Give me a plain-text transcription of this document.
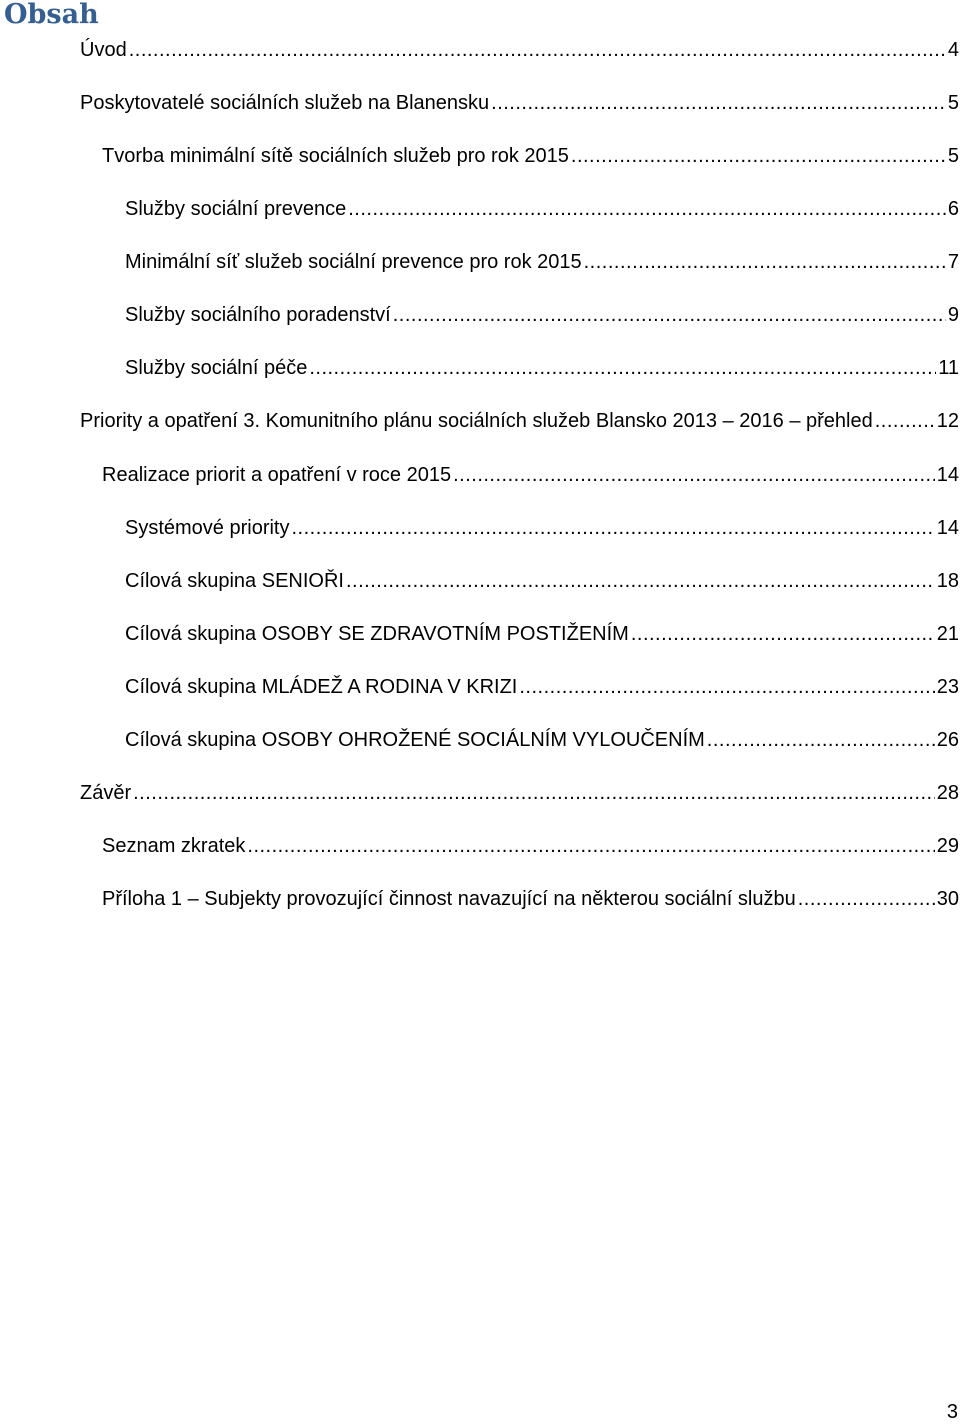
Obsah
Úvod .....	4
Poskytovatelé sociálních služeb na Blanensku .....	5
Tvorba minimální sítě sociálních služeb pro rok 2015 .....	5
Služby sociální prevence .....	6
Minimální síť služeb sociální prevence pro rok 2015 .....	7
Služby sociálního poradenství .....	9
Služby sociální péče .....	11
Priority a opatření 3. Komunitního plánu sociálních služeb Blansko 2013 – 2016 – přehled .....	12
Realizace priorit a opatření v roce 2015 .....	14
Systémové priority .....	14
Cílová skupina SENIOŘI .....	18
Cílová skupina OSOBY SE ZDRAVOTNÍM POSTIŽENÍM .....	21
Cílová skupina MLÁDEŽ A RODINA V KRIZI .....	23
Cílová skupina OSOBY OHROŽENÉ SOCIÁLNÍM VYLOUČENÍM .....	26
Závěr .....	28
Seznam zkratek .....	29
Příloha 1 – Subjekty provozující činnost navazující na některou sociální službu .....	30
3
